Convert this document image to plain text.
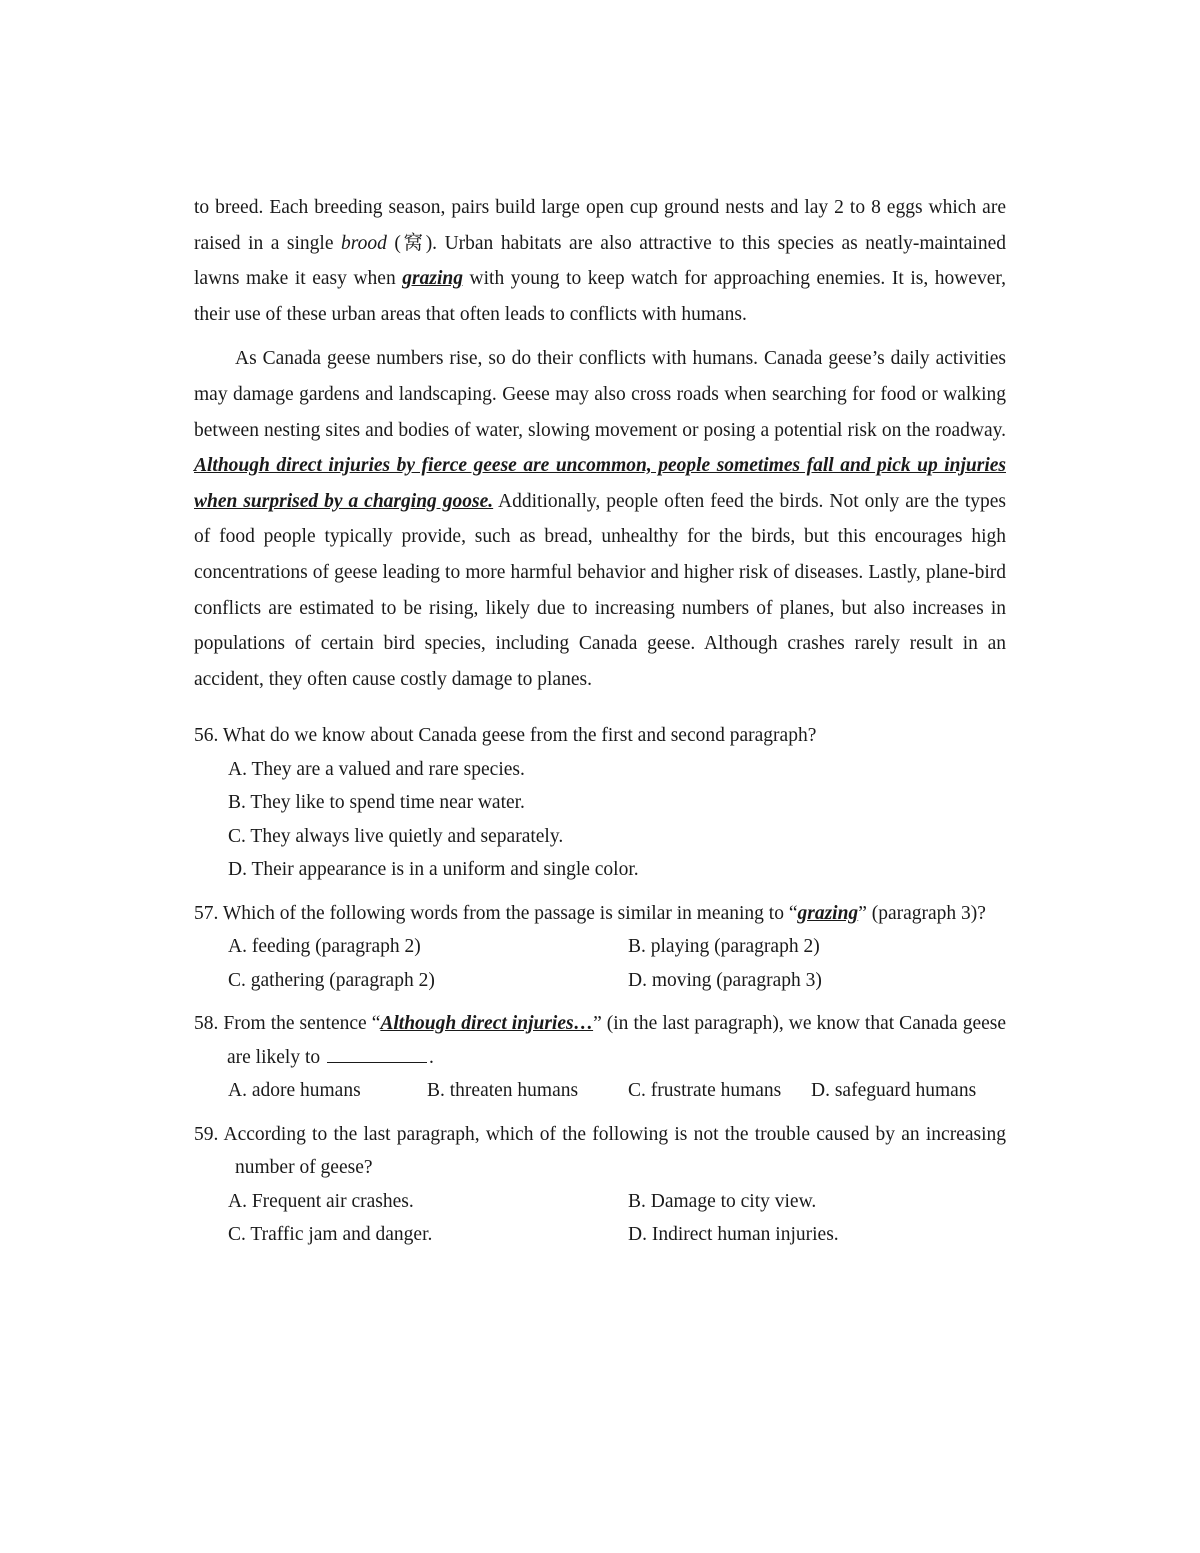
to breed. Each breeding season, pairs build large open cup ground nests and lay 2 to 8 eggs which are raised in a single brood (窝). Urban habitats are also attractive to this species as neatly-maintained lawns make it easy when grazing with young to keep watch for approaching enemies. It is, however, their use of these urban areas that often leads to conflicts with humans.

As Canada geese numbers rise, so do their conflicts with humans. Canada geese’s daily activities may damage gardens and landscaping. Geese may also cross roads when searching for food or walking between nesting sites and bodies of water, slowing movement or posing a potential risk on the roadway. Although direct injuries by fierce geese are uncommon, people sometimes fall and pick up injuries when surprised by a charging goose. Additionally, people often feed the birds. Not only are the types of food people typically provide, such as bread, unhealthy for the birds, but this encourages high concentrations of geese leading to more harmful behavior and higher risk of diseases. Lastly, plane-bird conflicts are estimated to be rising, likely due to increasing numbers of planes, but also increases in populations of certain bird species, including Canada geese. Although crashes rarely result in an accident, they often cause costly damage to planes.

56. What do we know about Canada geese from the first and second paragraph?
A. They are a valued and rare species.
B. They like to spend time near water.
C. They always live quietly and separately.
D. Their appearance is in a uniform and single color.
57. Which of the following words from the passage is similar in meaning to “grazing” (paragraph 3)?
A. feeding (paragraph 2)	B. playing (paragraph 2)
C. gathering (paragraph 2)	D. moving (paragraph 3)
58. From the sentence “Although direct injuries…” (in the last paragraph), we know that Canada geese are likely to	.
A. adore humans	B. threaten humans	C. frustrate humans	D. safeguard humans
59. According to the last paragraph, which of the following is not the trouble caused by an increasing number of geese?
A. Frequent air crashes.	B. Damage to city view.
C. Traffic jam and danger.	D. Indirect human injuries.
